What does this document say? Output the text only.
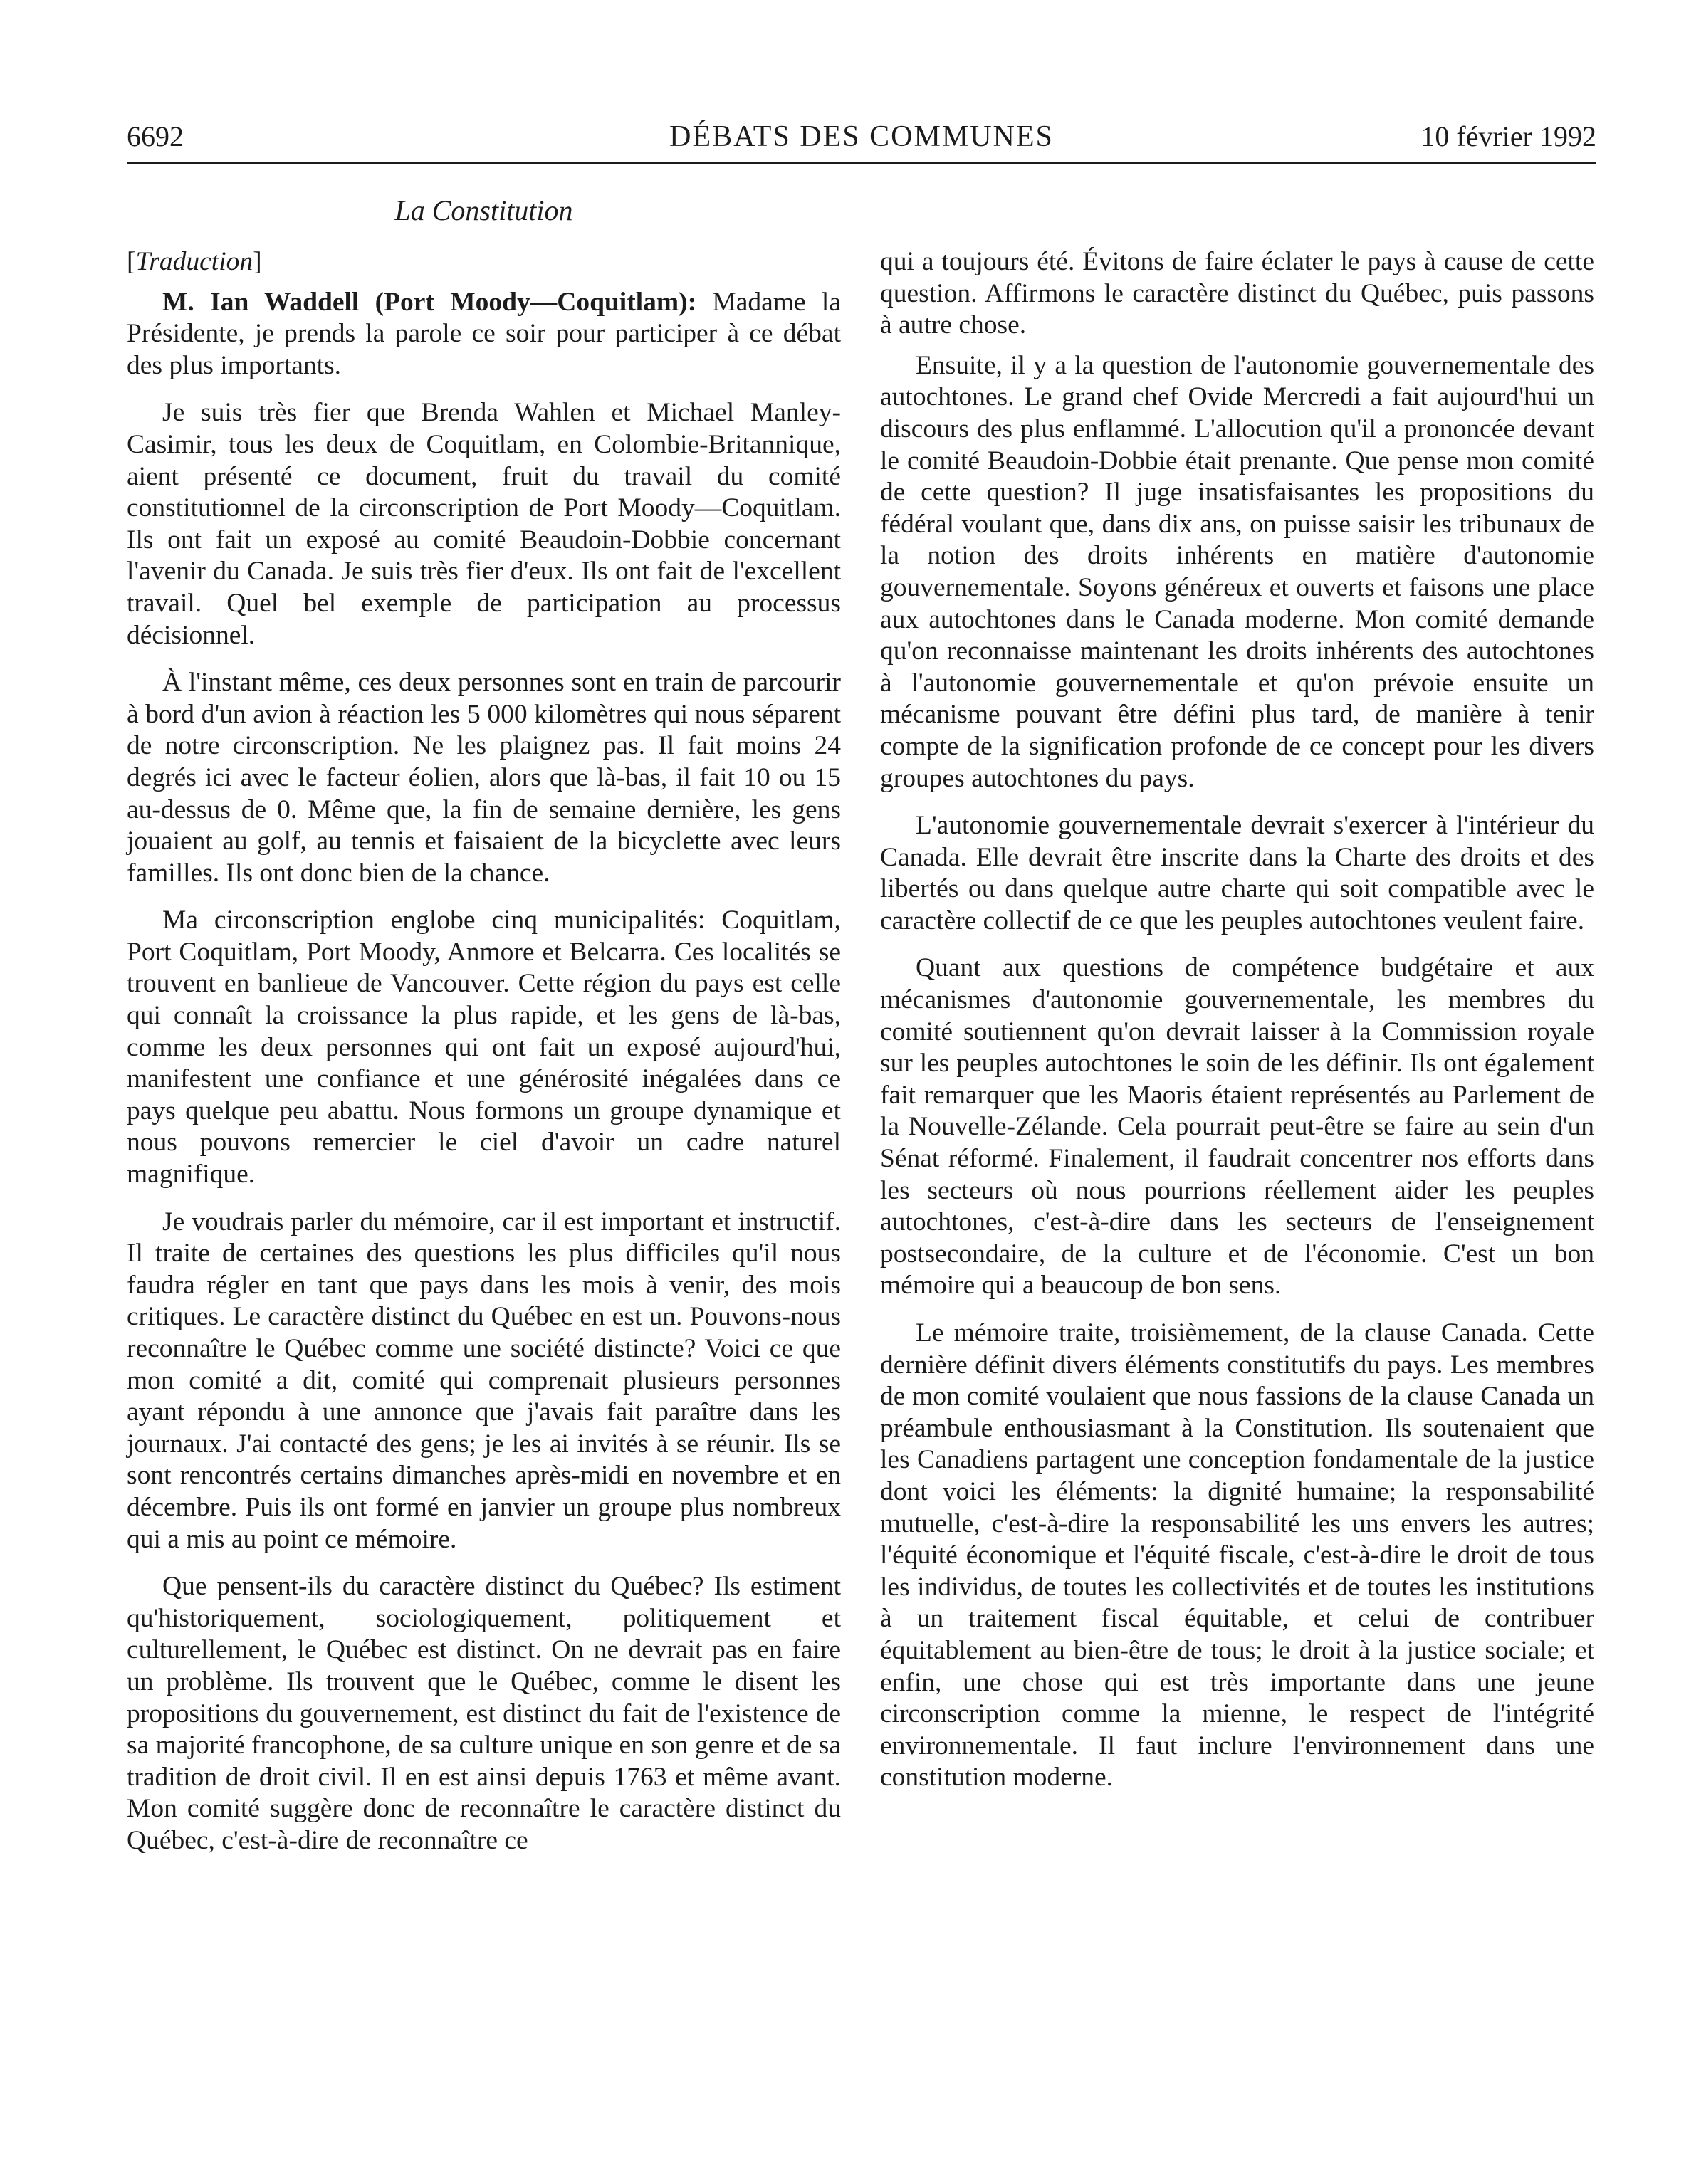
6692	DÉBATS DES COMMUNES	10 février 1992
La Constitution

[Traduction]

M. Ian Waddell (Port Moody—Coquitlam): Madame la Présidente, je prends la parole ce soir pour participer à ce débat des plus importants.

Je suis très fier que Brenda Wahlen et Michael Manley-Casimir, tous les deux de Coquitlam, en Colombie-Britannique, aient présenté ce document, fruit du travail du comité constitutionnel de la circonscription de Port Moody—Coquitlam. Ils ont fait un exposé au comité Beaudoin-Dobbie concernant l'avenir du Canada. Je suis très fier d'eux. Ils ont fait de l'excellent travail. Quel bel exemple de participation au processus décisionnel.

À l'instant même, ces deux personnes sont en train de parcourir à bord d'un avion à réaction les 5 000 kilomètres qui nous séparent de notre circonscription. Ne les plaignez pas. Il fait moins 24 degrés ici avec le facteur éolien, alors que là-bas, il fait 10 ou 15 au-dessus de 0. Même que, la fin de semaine dernière, les gens jouaient au golf, au tennis et faisaient de la bicyclette avec leurs familles. Ils ont donc bien de la chance.

Ma circonscription englobe cinq municipalités: Coquitlam, Port Coquitlam, Port Moody, Anmore et Belcarra. Ces localités se trouvent en banlieue de Vancouver. Cette région du pays est celle qui connaît la croissance la plus rapide, et les gens de là-bas, comme les deux personnes qui ont fait un exposé aujourd'hui, manifestent une confiance et une générosité inégalées dans ce pays quelque peu abattu. Nous formons un groupe dynamique et nous pouvons remercier le ciel d'avoir un cadre naturel magnifique.

Je voudrais parler du mémoire, car il est important et instructif. Il traite de certaines des questions les plus difficiles qu'il nous faudra régler en tant que pays dans les mois à venir, des mois critiques. Le caractère distinct du Québec en est un. Pouvons-nous reconnaître le Québec comme une société distincte? Voici ce que mon comité a dit, comité qui comprenait plusieurs personnes ayant répondu à une annonce que j'avais fait paraître dans les journaux. J'ai contacté des gens; je les ai invités à se réunir. Ils se sont rencontrés certains dimanches après-midi en novembre et en décembre. Puis ils ont formé en janvier un groupe plus nombreux qui a mis au point ce mémoire.

Que pensent-ils du caractère distinct du Québec? Ils estiment qu'historiquement, sociologiquement, politiquement et culturellement, le Québec est distinct. On ne devrait pas en faire un problème. Ils trouvent que le Québec, comme le disent les propositions du gouvernement, est distinct du fait de l'existence de sa majorité francophone, de sa culture unique en son genre et de sa tradition de droit civil. Il en est ainsi depuis 1763 et même avant. Mon comité suggère donc de reconnaître le caractère distinct du Québec, c'est-à-dire de reconnaître ce

qui a toujours été. Évitons de faire éclater le pays à cause de cette question. Affirmons le caractère distinct du Québec, puis passons à autre chose.

Ensuite, il y a la question de l'autonomie gouvernementale des autochtones. Le grand chef Ovide Mercredi a fait aujourd'hui un discours des plus enflammé. L'allocution qu'il a prononcée devant le comité Beaudoin-Dobbie était prenante. Que pense mon comité de cette question? Il juge insatisfaisantes les propositions du fédéral voulant que, dans dix ans, on puisse saisir les tribunaux de la notion des droits inhérents en matière d'autonomie gouvernementale. Soyons généreux et ouverts et faisons une place aux autochtones dans le Canada moderne. Mon comité demande qu'on reconnaisse maintenant les droits inhérents des autochtones à l'autonomie gouvernementale et qu'on prévoie ensuite un mécanisme pouvant être défini plus tard, de manière à tenir compte de la signification profonde de ce concept pour les divers groupes autochtones du pays.

L'autonomie gouvernementale devrait s'exercer à l'intérieur du Canada. Elle devrait être inscrite dans la Charte des droits et des libertés ou dans quelque autre charte qui soit compatible avec le caractère collectif de ce que les peuples autochtones veulent faire.

Quant aux questions de compétence budgétaire et aux mécanismes d'autonomie gouvernementale, les membres du comité soutiennent qu'on devrait laisser à la Commission royale sur les peuples autochtones le soin de les définir. Ils ont également fait remarquer que les Maoris étaient représentés au Parlement de la Nouvelle-Zélande. Cela pourrait peut-être se faire au sein d'un Sénat réformé. Finalement, il faudrait concentrer nos efforts dans les secteurs où nous pourrions réellement aider les peuples autochtones, c'est-à-dire dans les secteurs de l'enseignement postsecondaire, de la culture et de l'économie. C'est un bon mémoire qui a beaucoup de bon sens.

Le mémoire traite, troisièmement, de la clause Canada. Cette dernière définit divers éléments constitutifs du pays. Les membres de mon comité voulaient que nous fassions de la clause Canada un préambule enthousiasmant à la Constitution. Ils soutenaient que les Canadiens partagent une conception fondamentale de la justice dont voici les éléments: la dignité humaine; la responsabilité mutuelle, c'est-à-dire la responsabilité les uns envers les autres; l'équité économique et l'équité fiscale, c'est-à-dire le droit de tous les individus, de toutes les collectivités et de toutes les institutions à un traitement fiscal équitable, et celui de contribuer équitablement au bien-être de tous; le droit à la justice sociale; et enfin, une chose qui est très importante dans une jeune circonscription comme la mienne, le respect de l'intégrité environnementale. Il faut inclure l'environnement dans une constitution moderne.
